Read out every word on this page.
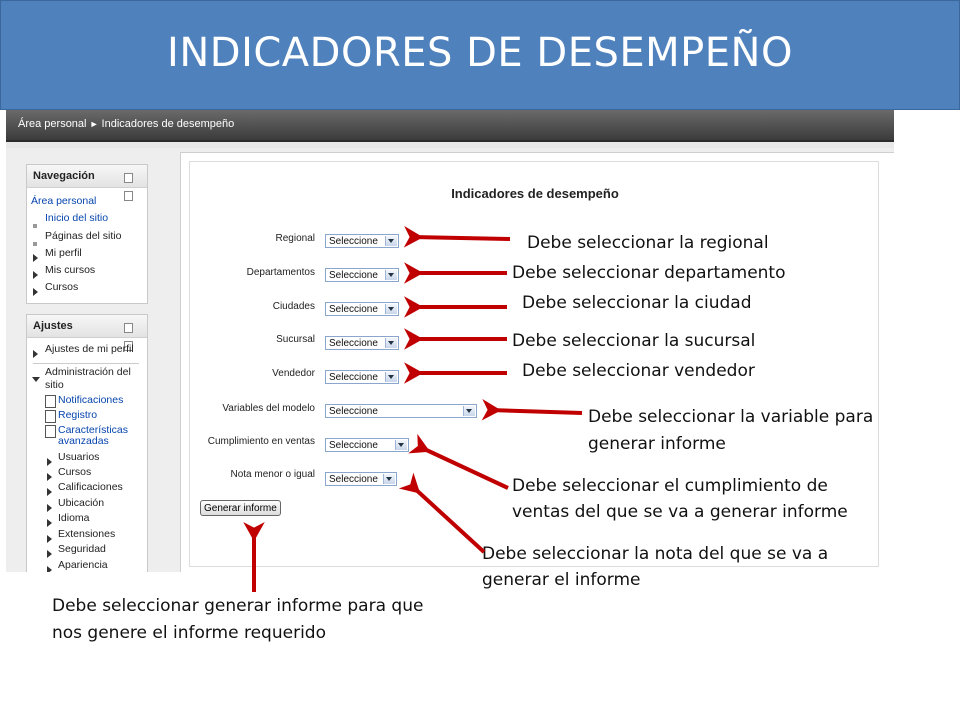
INDICADORES DE DESEMPEÑO
Área personal ► Indicadores de desempeño
Navegación
Área personal
Inicio del sitio
Páginas del sitio
Mi perfil
Mis cursos
Cursos
Ajustes
Ajustes de mi perfil
Administración del
sitio
Notificaciones
Registro
Características
avanzadas
Usuarios
Cursos
Calificaciones
Ubicación
Idioma
Extensiones
Seguridad
Apariencia
Indicadores de desempeño
Regional	Seleccione
Departamentos	Seleccione
Ciudades	Seleccione
Sucursal	Seleccione
Vendedor	Seleccione
Variables del modelo	Seleccione
Cumplimiento en ventas	Seleccione
Nota menor o igual	Seleccione
Generar informe
Debe seleccionar la regional
Debe seleccionar departamento
Debe seleccionar la ciudad
Debe seleccionar la sucursal
Debe seleccionar vendedor
Debe seleccionar la variable para
generar informe
Debe seleccionar el cumplimiento de
ventas del que se va a generar informe
Debe seleccionar la nota del que se va a
generar el informe
Debe seleccionar generar informe para que
nos genere el informe requerido
